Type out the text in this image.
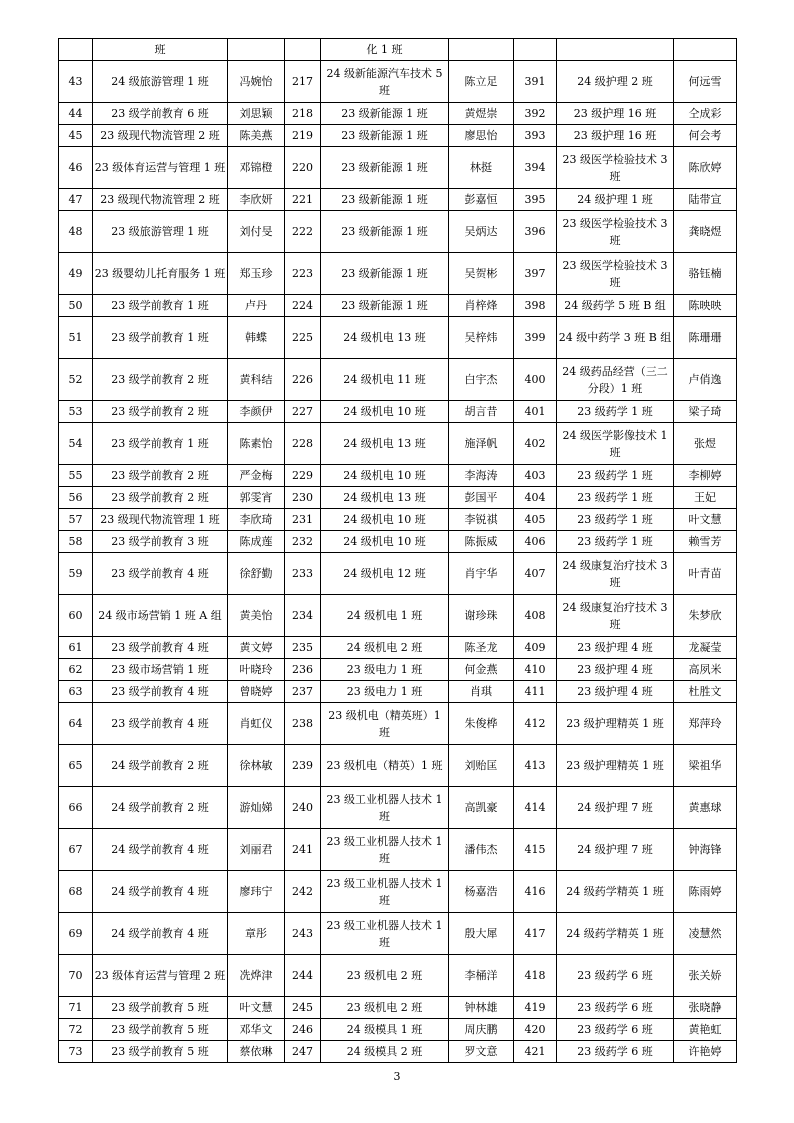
	班			化 1 班				
43	24 级旅游管理 1 班	冯婉怡	217	24 级新能源汽车技术 5 班	陈立足	391	24 级护理 2 班	何远雪
44	23 级学前教育 6 班	刘思颖	218	23 级新能源 1 班	黄煜崇	392	23 级护理 16 班	仝成彩
45	23 级现代物流管理 2 班	陈美燕	219	23 级新能源 1 班	廖思怡	393	23 级护理 16 班	何会考
46	23 级体育运营与管理 1 班	邓锦橙	220	23 级新能源 1 班	林挺	394	23 级医学检验技术 3 班	陈欣婷
47	23 级现代物流管理 2 班	李欣妍	221	23 级新能源 1 班	彭嘉恒	395	24 级护理 1 班	陆带宣
48	23 级旅游管理 1 班	刘付旻	222	23 级新能源 1 班	吴炳达	396	23 级医学检验技术 3 班	龚晓煜
49	23 级婴幼儿托育服务 1 班	郑玉珍	223	23 级新能源 1 班	吴贺彬	397	23 级医学检验技术 3 班	骆钰楠
50	23 级学前教育 1 班	卢丹	224	23 级新能源 1 班	肖梓烽	398	24 级药学 5 班 B 组	陈映映
51	23 级学前教育 1 班	韩蝶	225	24 级机电 13 班	吴梓炜	399	24 级中药学 3 班 B 组	陈珊珊
52	23 级学前教育 2 班	黄科结	226	24 级机电 11 班	白宇杰	400	24 级药品经营（三二分段）1 班	卢俏逸
53	23 级学前教育 2 班	李颜伊	227	24 级机电 10 班	胡言昔	401	23 级药学 1 班	梁子琦
54	23 级学前教育 1 班	陈素怡	228	24 级机电 13 班	施泽帆	402	24 级医学影像技术 1 班	张煜
55	23 级学前教育 2 班	严金梅	229	24 级机电 10 班	李海涛	403	23 级药学 1 班	李柳婷
56	23 级学前教育 2 班	郭雯宵	230	24 级机电 13 班	彭国平	404	23 级药学 1 班	王妃
57	23 级现代物流管理 1 班	李欣琦	231	24 级机电 10 班	李锐祺	405	23 级药学 1 班	叶文慧
58	23 级学前教育 3 班	陈成莲	232	24 级机电 10 班	陈振威	406	23 级药学 1 班	赖雪芳
59	23 级学前教育 4 班	徐舒勤	233	24 级机电 12 班	肖宇华	407	24 级康复治疗技术 3 班	叶青苗
60	24 级市场营销 1 班 A 组	黄美怡	234	24 级机电 1 班	谢珍珠	408	24 级康复治疗技术 3 班	朱梦欣
61	23 级学前教育 4 班	黄文婷	235	24 级机电 2 班	陈圣龙	409	23 级护理 4 班	龙凝莹
62	23 级市场营销 1 班	叶晓玲	236	23 级电力 1 班	何金燕	410	23 级护理 4 班	高夙米
63	23 级学前教育 4 班	曾晓婷	237	23 级电力 1 班	肖琪	411	23 级护理 4 班	杜胜文
64	23 级学前教育 4 班	肖虹仪	238	23 级机电（精英班）1 班	朱俊桦	412	23 级护理精英 1 班	郑萍玲
65	24 级学前教育 2 班	徐林敏	239	23 级机电（精英）1 班	刘贻匡	413	23 级护理精英 1 班	梁祖华
66	24 级学前教育 2 班	游灿娣	240	23 级工业机器人技术 1 班	高凯豪	414	24 级护理 7 班	黄惠球
67	24 级学前教育 4 班	刘丽君	241	23 级工业机器人技术 1 班	潘伟杰	415	24 级护理 7 班	钟海锋
68	24 级学前教育 4 班	廖玮宁	242	23 级工业机器人技术 1 班	杨嘉浩	416	24 级药学精英 1 班	陈雨婷
69	24 级学前教育 4 班	章彤	243	23 级工业机器人技术 1 班	殷大犀	417	24 级药学精英 1 班	凌慧然
70	23 级体育运营与管理 2 班	冼烨津	244	23 级机电 2 班	李桶洋	418	23 级药学 6 班	张关娇
71	23 级学前教育 5 班	叶文慧	245	23 级机电 2 班	钟林雄	419	23 级药学 6 班	张晓静
72	23 级学前教育 5 班	邓华文	246	24 级模具 1 班	周庆鹏	420	23 级药学 6 班	黄艳虹
73	23 级学前教育 5 班	蔡依琳	247	24 级模具 2 班	罗文意	421	23 级药学 6 班	许艳婷
3
